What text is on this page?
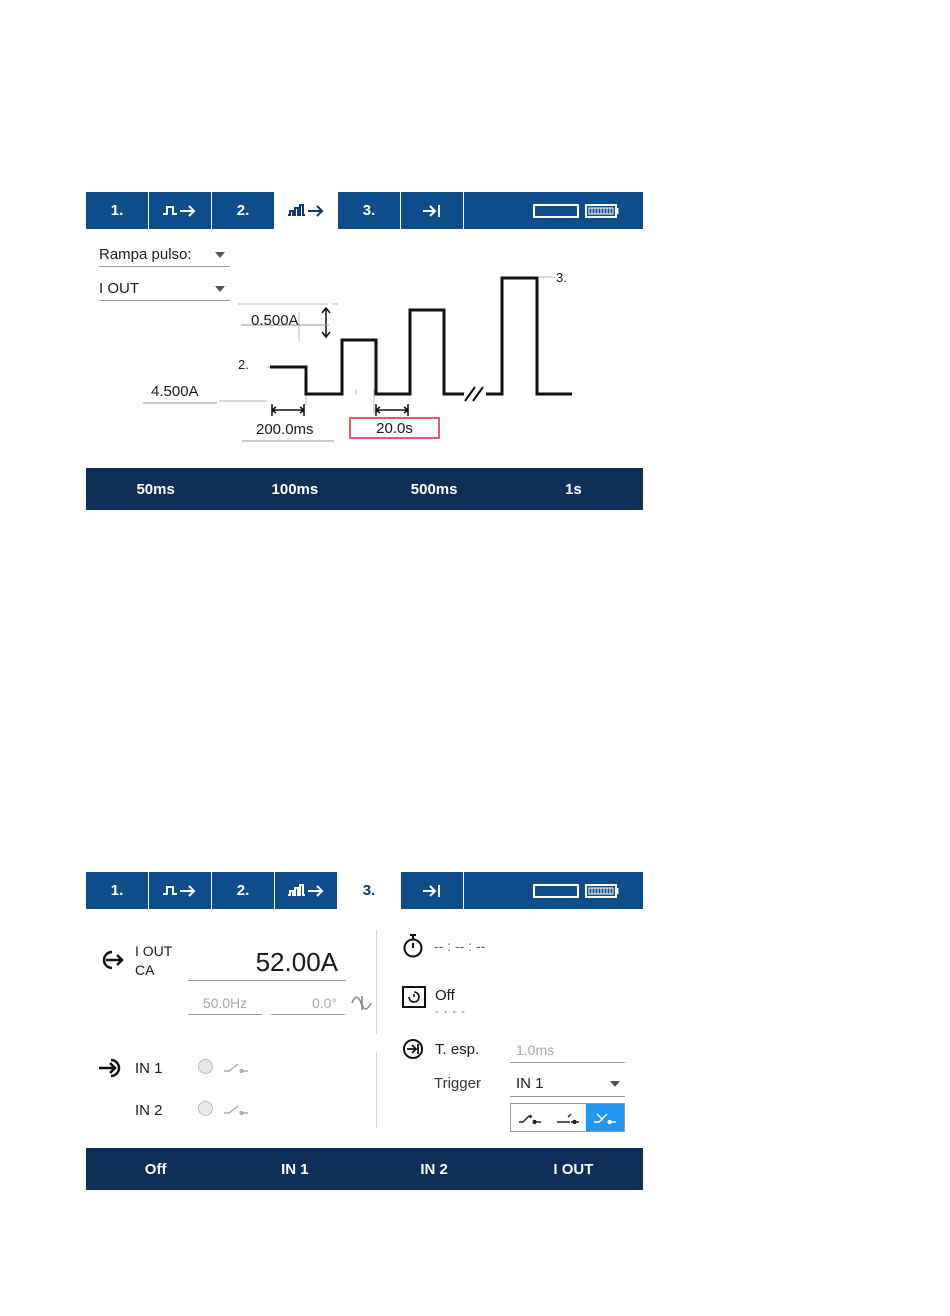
1.	2.	3.
Rampa pulso:
I OUT
0.500A
4.500A
2.
3.
200.0ms	20.0s
50ms	100ms	500ms	1s
1.	2.	3.
I OUT
CA	52.00A
50.0Hz	0.0°
IN 1
IN 2
-- : -- : --
Off
- - - -
T. esp.	1.0ms
Trigger	IN 1
Off	IN 1	IN 2	I OUT
